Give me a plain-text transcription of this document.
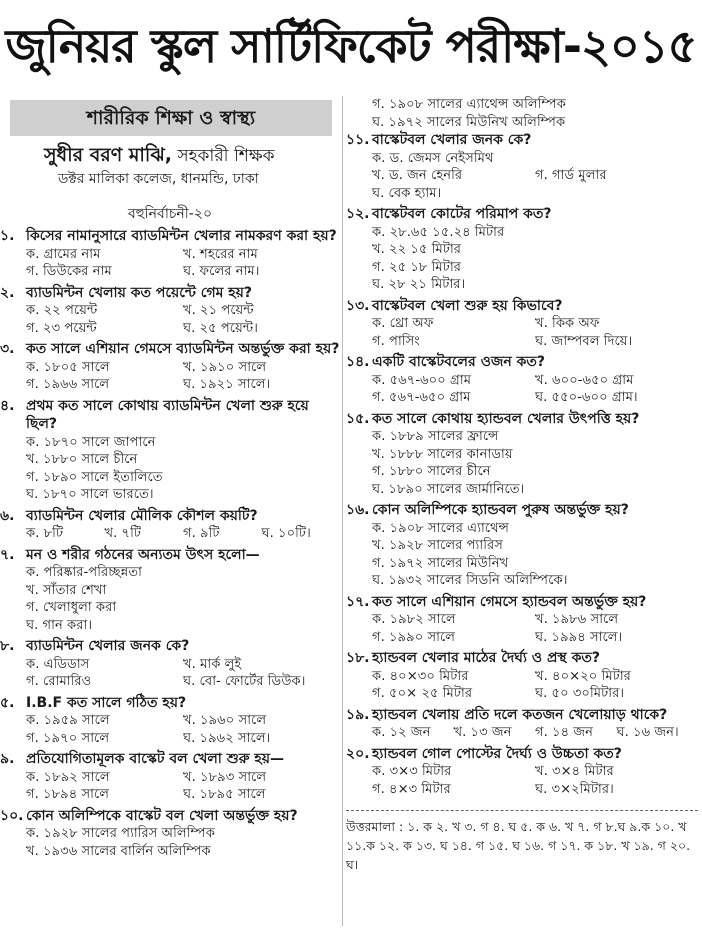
জুনিয়র স্কুল সার্টিফিকেট পরীক্ষা-২০১৫
শারীরিক শিক্ষা ও স্বাস্থ্য
সুধীর বরণ মাঝি, সহকারী শিক্ষক
ডক্টর মালিকা কলেজ, ধানমন্ডি, ঢাকা
বহুনির্বাচনী-২০
১. কিসের নামানুসারে ব্যাডমিন্টন খেলার নামকরণ করা হয়?
ক. গ্রামের নাম	খ. শহরের নাম
গ. ডিউকের নাম	ঘ. ফলের নাম।
২. ব্যাডমিন্টন খেলায় কত পয়েন্টে গেম হয়?
ক. ২২ পয়েন্ট	খ. ২১ পয়েন্ট
গ. ২৩ পয়েন্ট	ঘ. ২৫ পয়েন্ট।
৩. কত সালে এশিয়ান গেমসে ব্যাডমিন্টন অন্তর্ভুক্ত করা হয়?
ক. ১৮০৫ সালে	খ. ১৯১০ সালে
গ. ১৯৬৬ সালে	ঘ. ১৯২১ সালে।
৪. প্রথম কত সালে কোথায় ব্যাডমিন্টন খেলা শুরু হয়ে ছিল?
ক. ১৮৭০ সালে জাপানে
খ. ১৮৮০ সালে চীনে
গ. ১৮৯০ সালে ইতালিতে
ঘ. ১৮৭০ সালে ভারতে।
৬. ব্যাডমিন্টন খেলার মৌলিক কৌশল কয়টি?
ক. ৮টি	খ. ৭টি	গ. ৯টি	ঘ. ১০টি।
৭. মন ও শরীর গঠনের অন্যতম উৎস হলো—
ক. পরিষ্কার-পরিচ্ছন্নতা
খ. সাঁতার শেখা
গ. খেলাধুলা করা
ঘ. গান করা।
৮. ব্যাডমিন্টন খেলার জনক কে?
ক. এডিডাস	খ. মার্ক লুই
গ. রোমারিও	ঘ. বো- ফোর্টের ডিউক।
৫. I.B.F কত সালে গঠিত হয়?
ক. ১৯৫৯ সালে	খ. ১৯৬০ সালে
গ. ১৯৭০ সালে	ঘ. ১৯৬২ সালে।
৯. প্রতিযোগিতামূলক বাস্কেট বল খেলা শুরু হয়—
ক. ১৮৯২ সালে	খ. ১৮৯৩ সালে
গ. ১৮৯৪ সালে	ঘ. ১৮৯৫ সালে
১০. কোন অলিম্পিকে বাস্কেট বল খেলা অন্তর্ভুক্ত হয়?
ক. ১৯২৮ সালের প্যারিস অলিম্পিক
খ. ১৯৩৬ সালের বার্লিন অলিম্পিক
গ. ১৯০৮ সালের এ্যাথেন্স অলিম্পিক
ঘ. ১৯৭২ সালের মিউনিখ অলিম্পিক
১১. বাস্কেটবল খেলার জনক কে?
ক. ড. জেমস নেইসমিথ
খ. ড. জন হেনরি	গ. গার্ড মুলার
ঘ. বেক হ্যাম।
১২. বাস্কেটবল কোটের পরিমাপ কত?
ক. ২৮.৬৫ ১৫.২৪ মিটার
খ. ২২ ১৫ মিটার
গ. ২৫ ১৮ মিটার
ঘ. ২৮ ২১ মিটার।
১৩. বাস্কেটবল খেলা শুরু হয় কিভাবে?
ক. থ্রো অফ	খ. কিক অফ
গ. পাসিং	ঘ. জাম্পবল দিয়ে।
১৪. একটি বাস্কেটবলের ওজন কত?
ক. ৫৬৭-৬০০ গ্রাম	খ. ৬০০-৬৫০ গ্রাম
গ. ৫৬৭-৬৫০ গ্রাম	ঘ. ৫৫০-৬০০ গ্রাম।
১৫. কত সালে কোথায় হ্যান্ডবল খেলার উৎপত্তি হয়?
ক. ১৮৮৯ সালের ফ্রান্সে
খ. ১৮৮৮ সালের কানাডায়
গ. ১৮৮০ সালের চীনে
ঘ. ১৮৯০ সালের জার্মানিতে।
১৬. কোন অলিম্পিকে হ্যান্ডবল পুরুষ অন্তর্ভুক্ত হয়?
ক. ১৯০৮ সালের এ্যাথেন্স
খ. ১৯২৮ সালের প্যারিস
গ. ১৯৭২ সালের মিউনিখ
ঘ. ১৯৩২ সালের সিডনি অলিম্পিকে।
১৭. কত সালে এশিয়ান গেমসে হ্যান্ডবল অন্তর্ভুক্ত হয়?
ক. ১৯৮২ সালে	খ. ১৯৮৬ সালে
গ. ১৯৯০ সালে	ঘ. ১৯৯৪ সালে।
১৮. হ্যান্ডবল খেলার মাঠের দৈর্ঘ্য ও প্রস্থ কত?
ক. ৪০×৩০ মিটার	খ. ৪০×২০ মিটার
গ. ৫০× ২৫ মিটার	ঘ. ৫০ ৩০মিটার।
১৯. হ্যান্ডবল খেলায় প্রতি দলে কতজন খেলোয়াড় থাকে?
ক. ১২ জন	খ. ১৩ জন	গ. ১৪ জন	ঘ. ১৬ জন।
২০. হ্যান্ডবল গোল পোস্টের দৈর্ঘ্য ও উচ্চতা কত?
ক. ৩×৩ মিটার	খ. ৩×৪ মিটার
গ. ৪×৩ মিটার	ঘ. ৩×২মিটার।
উত্তরমালা : ১. ক ২. খ ৩. গ ৪. ঘ ৫. ক ৬. খ ৭. গ ৮.ঘ ৯.ক ১০. খ ১১.ক ১২. ক ১৩. ঘ ১৪. গ ১৫. ঘ ১৬. গ ১৭. ক ১৮. খ ১৯. গ ২০. ঘ।
